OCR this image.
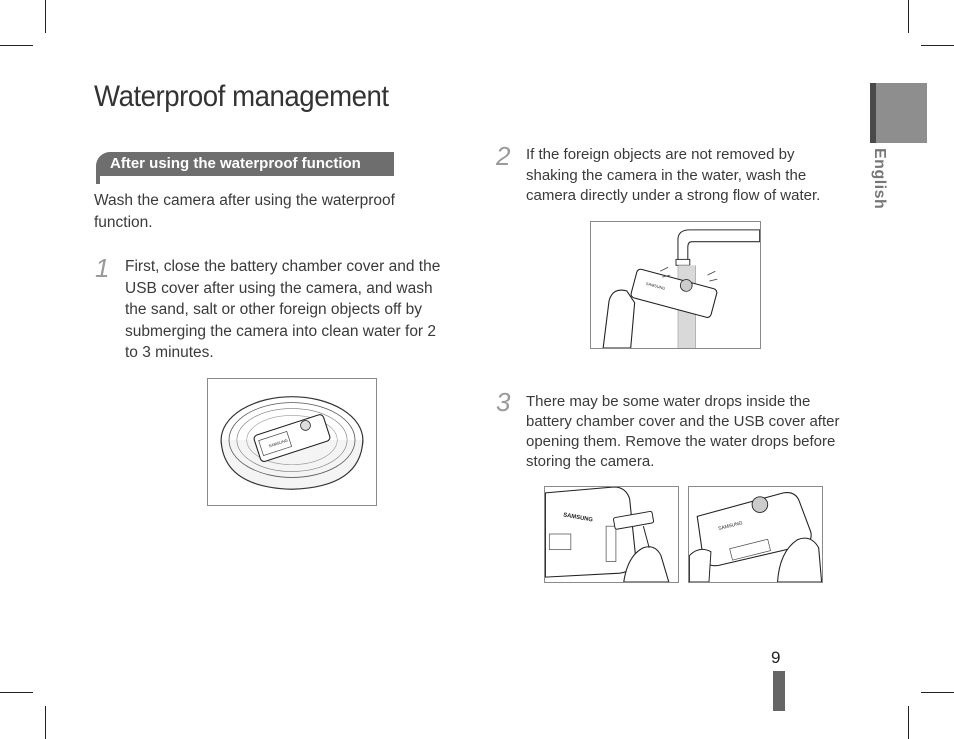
Waterproof management
After using the waterproof function
Wash the camera after using the waterproof function.
1 First, close the battery chamber cover and the USB cover after using the camera, and wash the sand, salt or other foreign objects off by submerging the camera into clean water for 2 to 3 minutes.
SAMSUNG
2 If the foreign objects are not removed by shaking the camera in the water, wash the camera directly under a strong flow of water.
SAMSUNG
3 There may be some water drops inside the battery chamber cover and the USB cover after opening them. Remove the water drops before storing the camera.
SAMSUNG
SAMSUNG
English
9
